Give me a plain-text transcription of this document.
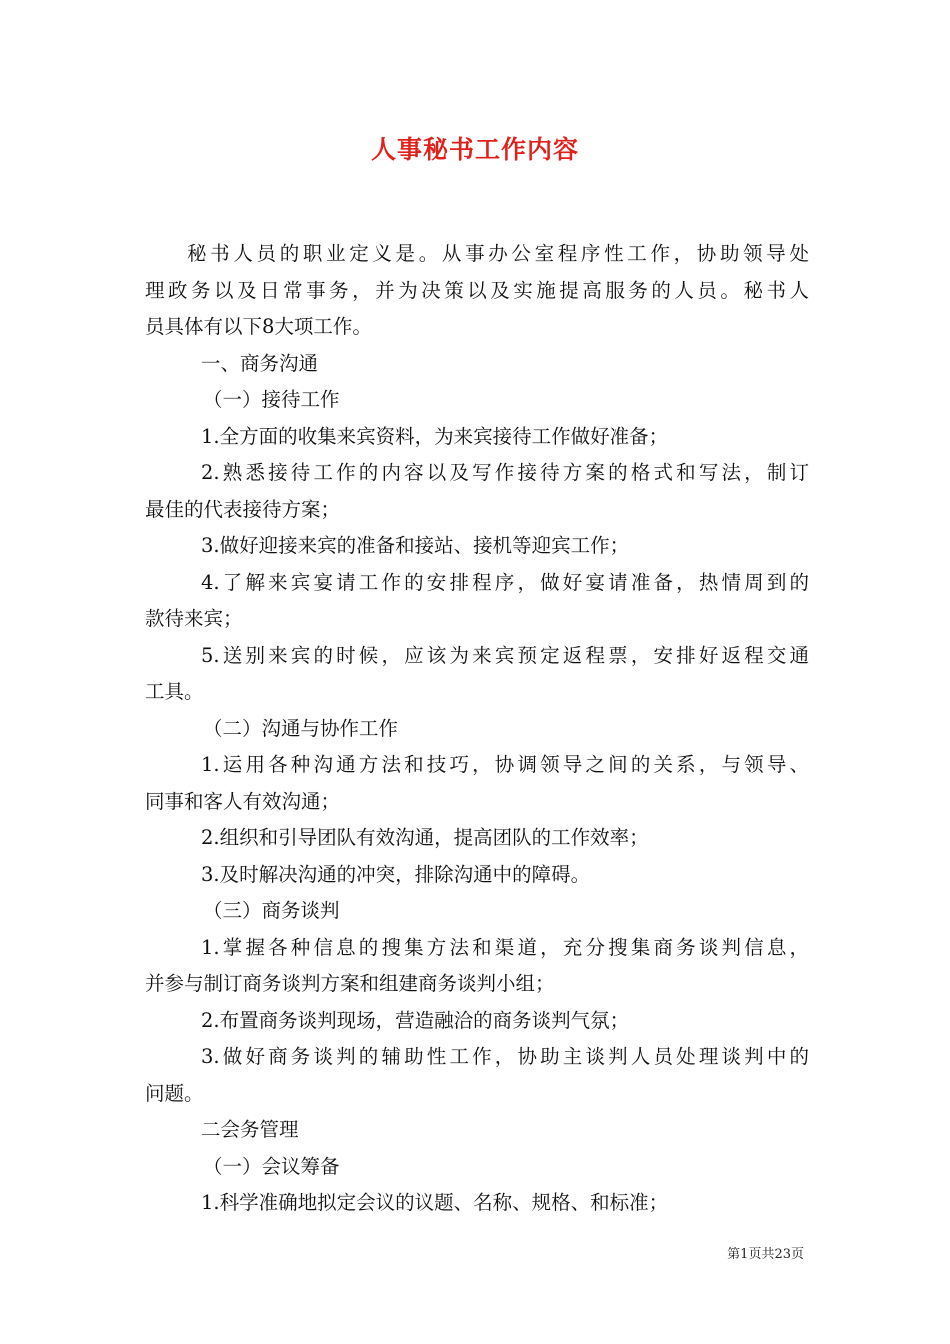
人事秘书工作内容
秘书人员的职业定义是。从事办公室程序性工作，协助领导处
理政务以及日常事务，并为决策以及实施提高服务的人员。秘书人
员具体有以下8大项工作。
一、商务沟通
（一）接待工作
1.全方面的收集来宾资料，为来宾接待工作做好准备；
2.熟悉接待工作的内容以及写作接待方案的格式和写法，制订
最佳的代表接待方案；
3.做好迎接来宾的准备和接站、接机等迎宾工作；
4.了解来宾宴请工作的安排程序，做好宴请准备，热情周到的
款待来宾；
5.送别来宾的时候，应该为来宾预定返程票，安排好返程交通
工具。
（二）沟通与协作工作
1.运用各种沟通方法和技巧，协调领导之间的关系，与领导、
同事和客人有效沟通；
2.组织和引导团队有效沟通，提高团队的工作效率；
3.及时解决沟通的冲突，排除沟通中的障碍。
（三）商务谈判
1.掌握各种信息的搜集方法和渠道，充分搜集商务谈判信息，
并参与制订商务谈判方案和组建商务谈判小组；
2.布置商务谈判现场，营造融洽的商务谈判气氛；
3.做好商务谈判的辅助性工作，协助主谈判人员处理谈判中的
问题。
二会务管理
（一）会议筹备
1.科学准确地拟定会议的议题、名称、规格、和标准；
第1页共23页
